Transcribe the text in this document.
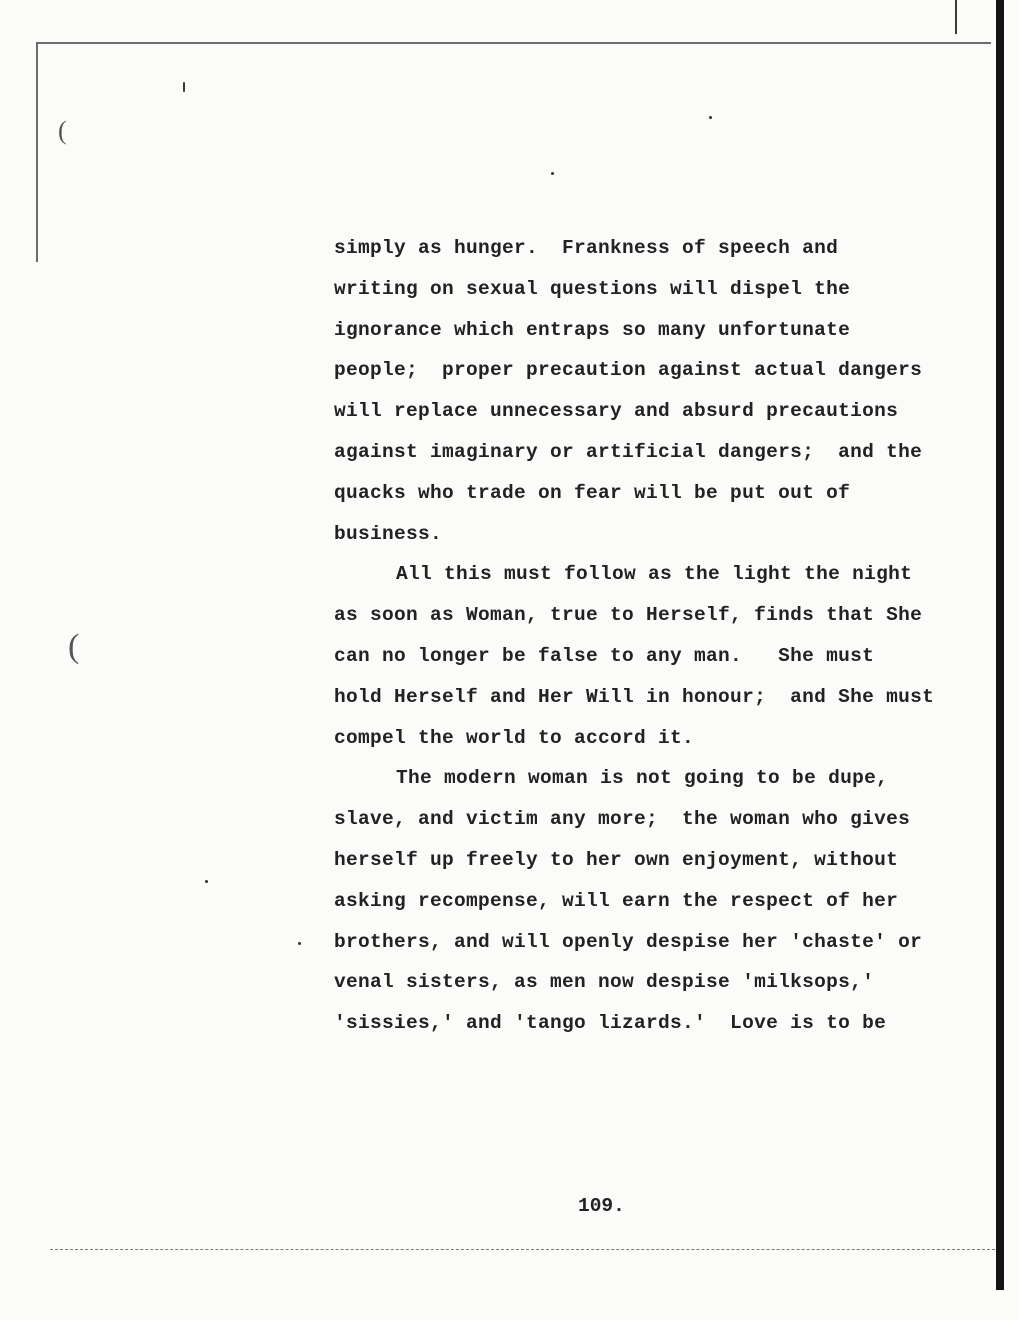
(
(
simply as hunger.  Frankness of speech and
writing on sexual questions will dispel the
ignorance which entraps so many unfortunate
people;  proper precaution against actual dangers
will replace unnecessary and absurd precautions
against imaginary or artificial dangers;  and the
quacks who trade on fear will be put out of
business.
All this must follow as the light the night
as soon as Woman, true to Herself, finds that She
can no longer be false to any man.   She must
hold Herself and Her Will in honour;  and She must
compel the world to accord it.
The modern woman is not going to be dupe,
slave, and victim any more;  the woman who gives
herself up freely to her own enjoyment, without
asking recompense, will earn the respect of her
brothers, and will openly despise her 'chaste' or
venal sisters, as men now despise 'milksops,'
'sissies,' and 'tango lizards.'  Love is to be
109.
